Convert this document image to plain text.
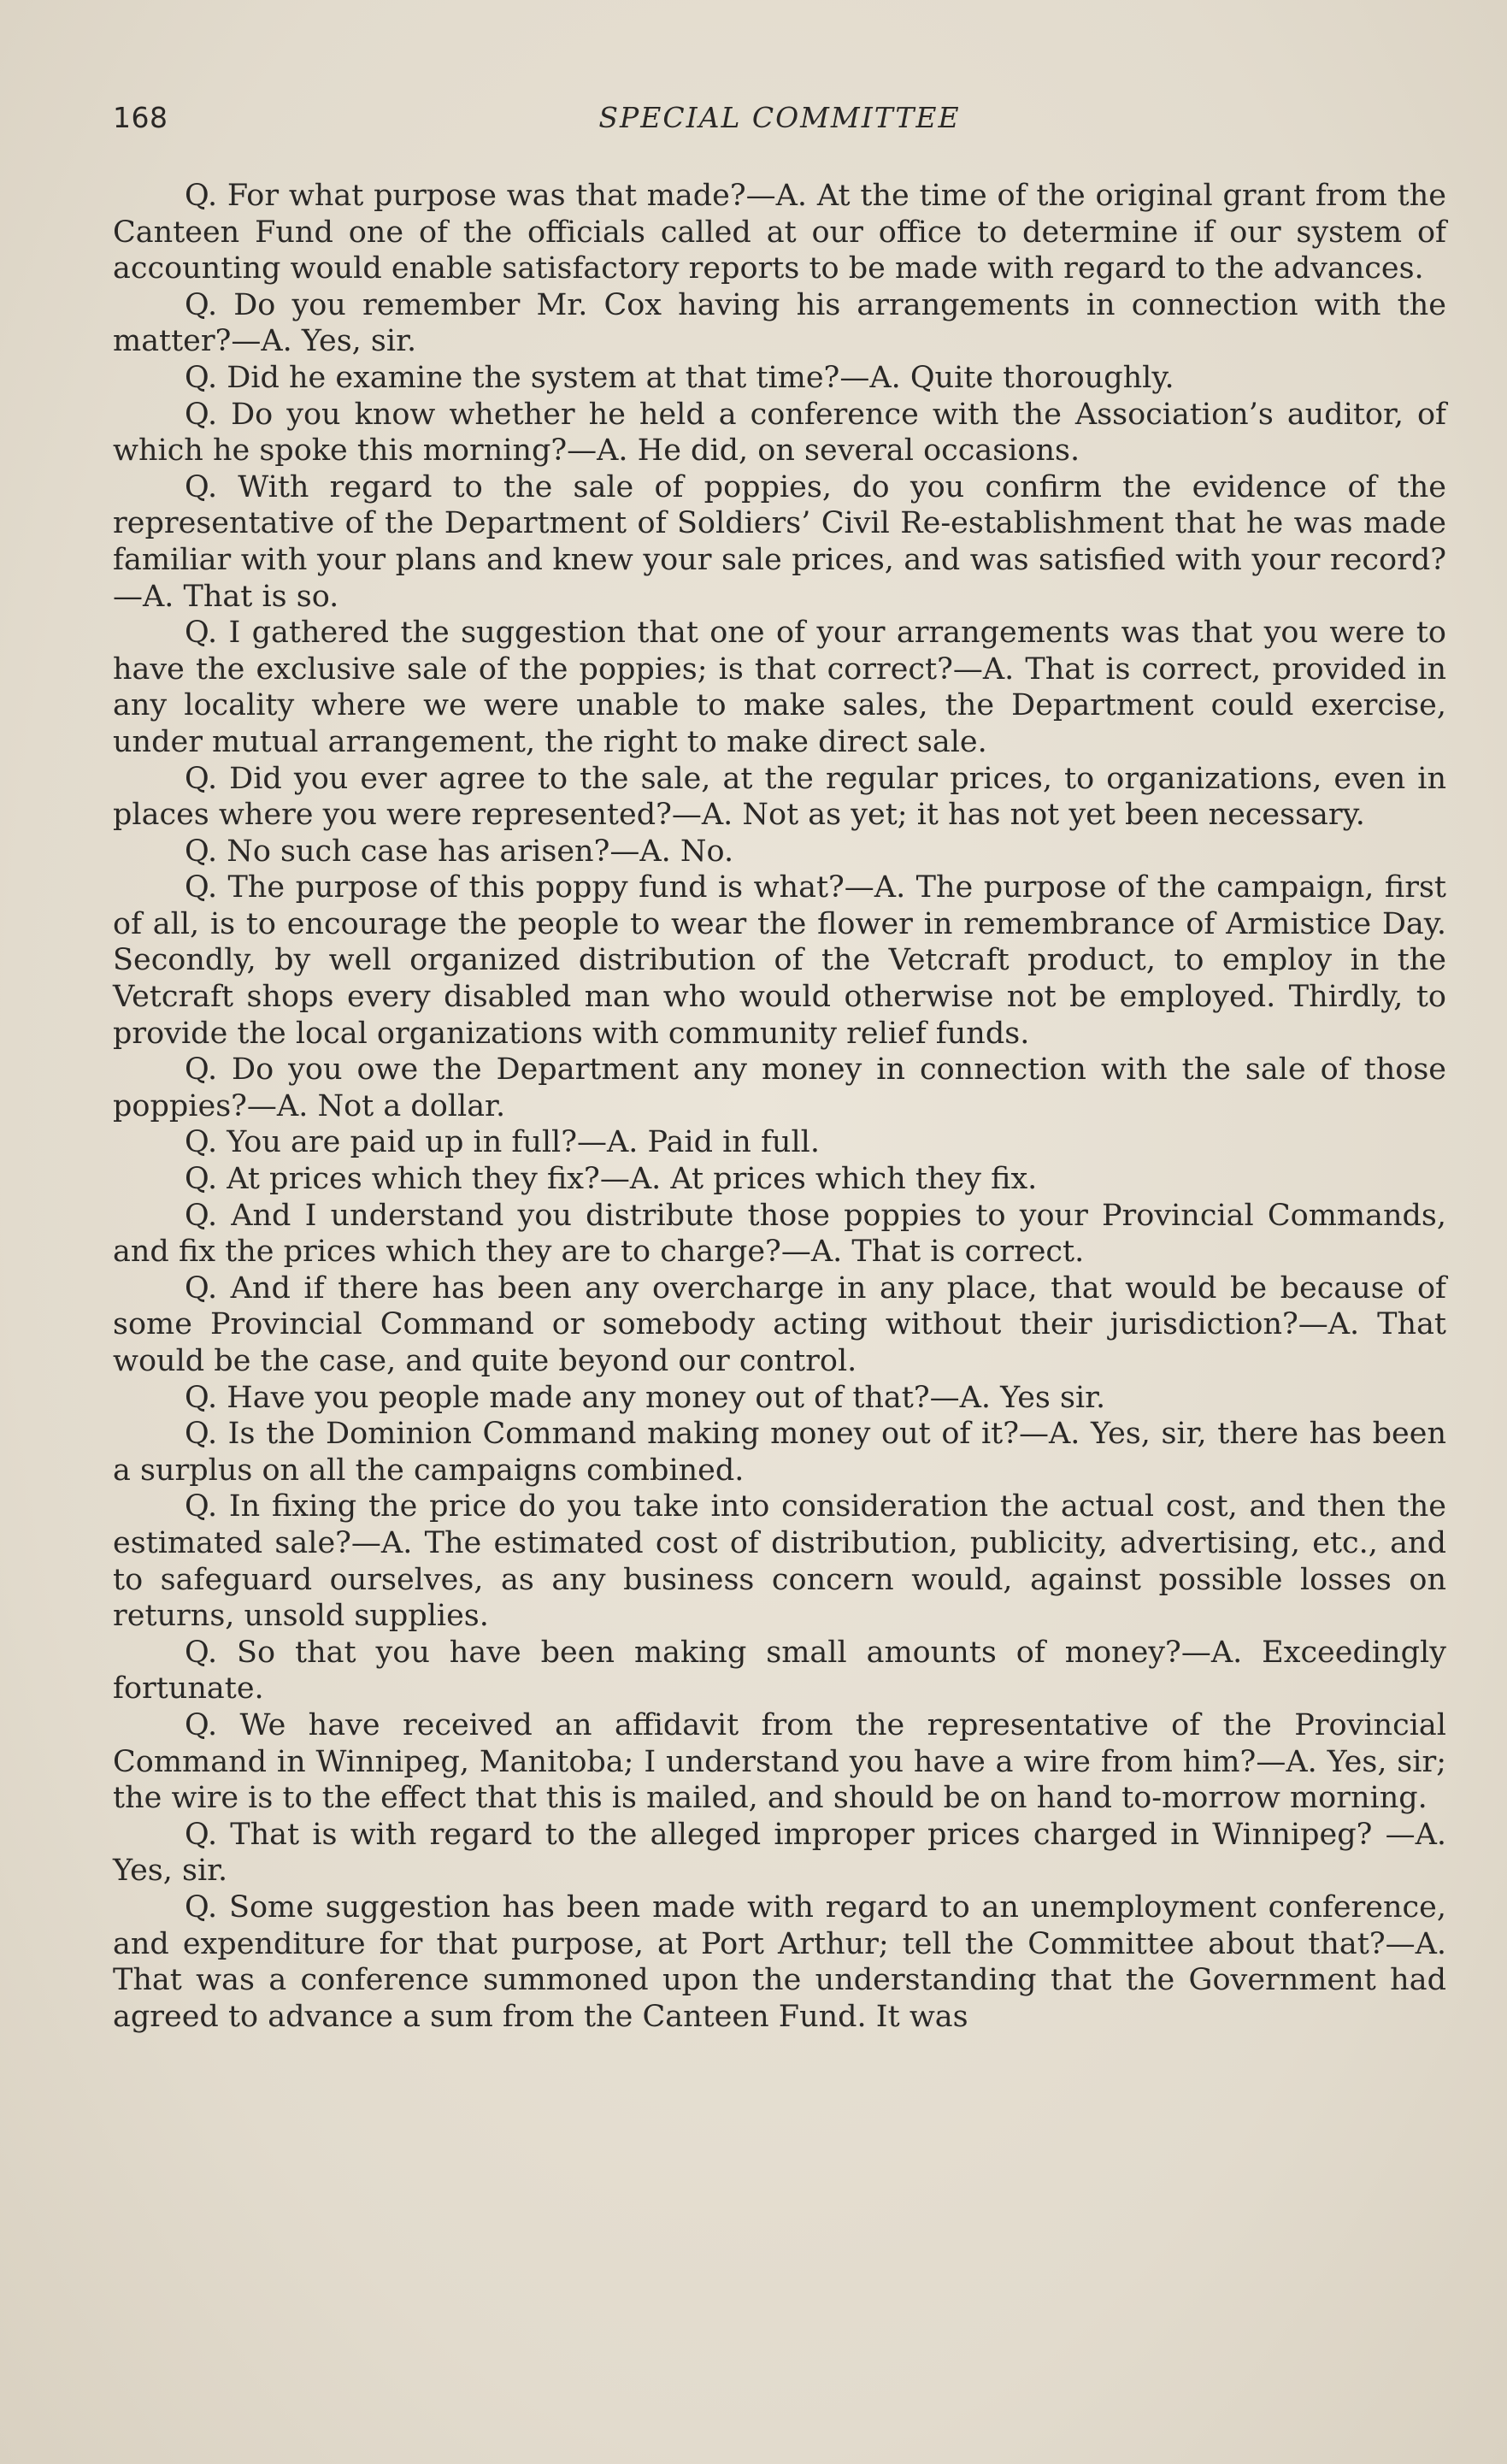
168	SPECIAL COMMITTEE

Q. For what purpose was that made?—A. At the time of the original grant from the Canteen Fund one of the officials called at our office to determine if our system of accounting would enable satisfactory reports to be made with regard to the advances.

Q. Do you remember Mr. Cox having his arrangements in connection with the matter?—A. Yes, sir.

Q. Did he examine the system at that time?—A. Quite thoroughly.

Q. Do you know whether he held a conference with the Association’s auditor, of which he spoke this morning?—A. He did, on several occasions.

Q. With regard to the sale of poppies, do you confirm the evidence of the representative of the Department of Soldiers’ Civil Re-establishment that he was made familiar with your plans and knew your sale prices, and was satisfied with your record?—A. That is so.

Q. I gathered the suggestion that one of your arrangements was that you were to have the exclusive sale of the poppies; is that correct?—A. That is correct, provided in any locality where we were unable to make sales, the Department could exercise, under mutual arrangement, the right to make direct sale.

Q. Did you ever agree to the sale, at the regular prices, to organizations, even in places where you were represented?—A. Not as yet; it has not yet been necessary.

Q. No such case has arisen?—A. No.

Q. The purpose of this poppy fund is what?—A. The purpose of the campaign, first of all, is to encourage the people to wear the flower in remembrance of Armistice Day. Secondly, by well organized distribution of the Vetcraft product, to employ in the Vetcraft shops every disabled man who would otherwise not be employed. Thirdly, to provide the local organizations with community relief funds.

Q. Do you owe the Department any money in connection with the sale of those poppies?—A. Not a dollar.

Q. You are paid up in full?—A. Paid in full.

Q. At prices which they fix?—A. At prices which they fix.

Q. And I understand you distribute those poppies to your Provincial Commands, and fix the prices which they are to charge?—A. That is correct.

Q. And if there has been any overcharge in any place, that would be because of some Provincial Command or somebody acting without their jurisdiction?—A. That would be the case, and quite beyond our control.

Q. Have you people made any money out of that?—A. Yes sir.

Q. Is the Dominion Command making money out of it?—A. Yes, sir, there has been a surplus on all the campaigns combined.

Q. In fixing the price do you take into consideration the actual cost, and then the estimated sale?—A. The estimated cost of distribution, publicity, advertising, etc., and to safeguard ourselves, as any business concern would, against possible losses on returns, unsold supplies.

Q. So that you have been making small amounts of money?—A. Exceedingly fortunate.

Q. We have received an affidavit from the representative of the Provincial Command in Winnipeg, Manitoba; I understand you have a wire from him?—A. Yes, sir; the wire is to the effect that this is mailed, and should be on hand to-morrow morning.

Q. That is with regard to the alleged improper prices charged in Winnipeg? —A. Yes, sir.

Q. Some suggestion has been made with regard to an unemployment conference, and expenditure for that purpose, at Port Arthur; tell the Committee about that?—A. That was a conference summoned upon the understanding that the Government had agreed to advance a sum from the Canteen Fund. It was
